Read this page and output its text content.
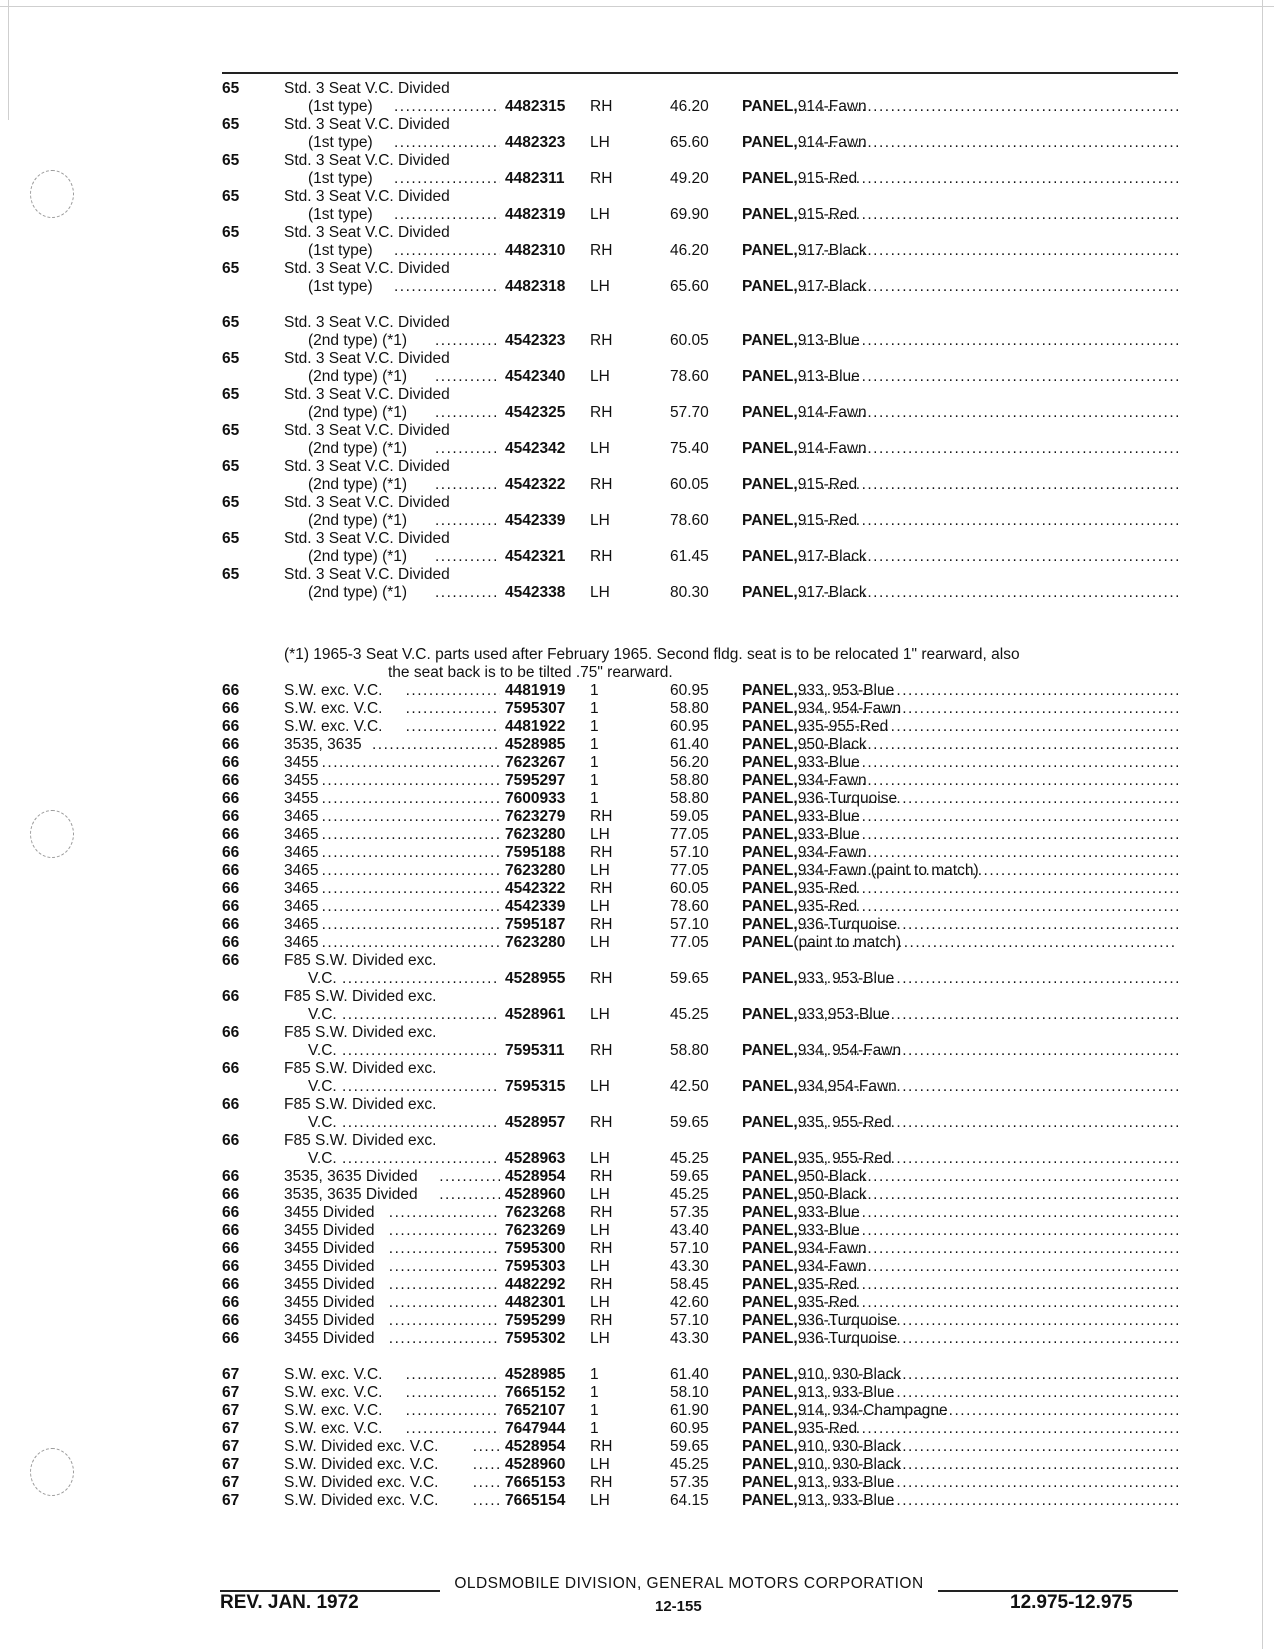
65	Std. 3 Seat V.C. Divided
(1st type) .....	4482315 RH	46.20 PANEL, 914-Fawn
.....
65	Std. 3 Seat V.C. Divided
(1st type) .....	4482323 LH	65.60 PANEL, 914-Fawn
.....
65	Std. 3 Seat V.C. Divided
(1st type) .....	4482311 RH	49.20 PANEL, 915-Red
.....
65	Std. 3 Seat V.C. Divided
(1st type) .....	4482319 LH	69.90 PANEL, 915-Red
.....
65	Std. 3 Seat V.C. Divided
(1st type) .....	4482310 RH	46.20 PANEL, 917-Black
.....
65	Std. 3 Seat V.C. Divided
(1st type) .....	4482318 LH	65.60 PANEL, 917-Black
.....
65	Std. 3 Seat V.C. Divided
(2nd type) (*1) .....	4542323 RH	60.05 PANEL, 913-Blue
.....
65	Std. 3 Seat V.C. Divided
(2nd type) (*1) .....	4542340 LH	78.60 PANEL, 913-Blue
.....
65	Std. 3 Seat V.C. Divided
(2nd type) (*1) .....	4542325 RH	57.70 PANEL, 914-Fawn
.....
65	Std. 3 Seat V.C. Divided
(2nd type) (*1) .....	4542342 LH	75.40 PANEL, 914-Fawn
.....
65	Std. 3 Seat V.C. Divided
(2nd type) (*1) .....	4542322 RH	60.05 PANEL, 915-Red
.....
65	Std. 3 Seat V.C. Divided
(2nd type) (*1) .....	4542339 LH	78.60 PANEL, 915-Red
.....
65	Std. 3 Seat V.C. Divided
(2nd type) (*1) .....	4542321 RH	61.45 PANEL, 917-Black
.....
65	Std. 3 Seat V.C. Divided
(2nd type) (*1) .....	4542338 LH	80.30 PANEL, 917-Black
.....
66	S.W. exc. V.C. .....	4481919 1	60.95 PANEL, 933, 953-Blue
.....
66	S.W. exc. V.C. .....	7595307 1	58.80 PANEL, 934, 954-Fawn
.....
66	S.W. exc. V.C. .....	4481922 1	60.95 PANEL, 935-955-Red
.....
66	3535, 3635 .....	4528985 1	61.40 PANEL, 950-Black
.....
66	3455 .....	7623267 1	56.20 PANEL, 933-Blue
.....
66	3455 .....	7595297 1	58.80 PANEL, 934-Fawn
.....
66	3455 .....	7600933 1	58.80 PANEL, 936-Turquoise
.....
66	3465 .....	7623279 RH	59.05 PANEL, 933-Blue
.....
66	3465 .....	7623280 LH	77.05 PANEL, 933-Blue
.....
66	3465 .....	7595188 RH	57.10 PANEL, 934-Fawn
.....
66	3465 .....	7623280 LH	77.05 PANEL, 934-Fawn (paint to match)
.....
66	3465 .....	4542322 RH	60.05 PANEL, 935-Red
.....
66	3465 .....	4542339 LH	78.60 PANEL, 935-Red
.....
66	3465 .....	7595187 RH	57.10 PANEL, 936-Turquoise
.....
66	3465 .....	7623280 LH	77.05 PANEL (paint to match)
.....
66	F85 S.W. Divided exc.
V.C. .....	4528955 RH	59.65 PANEL, 933, 953-Blue
.....
66	F85 S.W. Divided exc.
V.C. .....	4528961 LH	45.25 PANEL, 933,953-Blue
.....
66	F85 S.W. Divided exc.
V.C. .....	7595311 RH	58.80 PANEL, 934, 954-Fawn
.....
66	F85 S.W. Divided exc.
V.C. .....	7595315 LH	42.50 PANEL, 934,954-Fawn
.....
66	F85 S.W. Divided exc.
V.C. .....	4528957 RH	59.65 PANEL, 935, 955-Red
.....
66	F85 S.W. Divided exc.
V.C. .....	4528963 LH	45.25 PANEL, 935, 955-Red
.....
66	3535, 3635 Divided .....	4528954 RH	59.65 PANEL, 950-Black
.....
66	3535, 3635 Divided .....	4528960 LH	45.25 PANEL, 950-Black
.....
66	3455 Divided .....	7623268 RH	57.35 PANEL, 933-Blue
.....
66	3455 Divided .....	7623269 LH	43.40 PANEL, 933-Blue
.....
66	3455 Divided .....	7595300 RH	57.10 PANEL, 934-Fawn
.....
66	3455 Divided .....	7595303 LH	43.30 PANEL, 934-Fawn
.....
66	3455 Divided .....	4482292 RH	58.45 PANEL, 935-Red
.....
66	3455 Divided .....	4482301 LH	42.60 PANEL, 935-Red
.....
66	3455 Divided .....	7595299 RH	57.10 PANEL, 936-Turquoise
.....
66	3455 Divided .....	7595302 LH	43.30 PANEL, 936-Turquoise
.....
67	S.W. exc. V.C. .....	4528985 1	61.40 PANEL, 910, 930-Black
.....
67	S.W. exc. V.C. .....	7665152 1	58.10 PANEL, 913, 933-Blue
.....
67	S.W. exc. V.C. .....	7652107 1	61.90 PANEL, 914, 934-Champagne
.....
67	S.W. exc. V.C. .....	7647944 1	60.95 PANEL, 935-Red
.....
67	S.W. Divided exc. V.C. .....	4528954 RH	59.65 PANEL, 910, 930-Black
.....
67	S.W. Divided exc. V.C. .....	4528960 LH	45.25 PANEL, 910, 930-Black
.....
67	S.W. Divided exc. V.C. .....	7665153 RH	57.35 PANEL, 913, 933-Blue
.....
67	S.W. Divided exc. V.C. .....	7665154 LH	64.15 PANEL, 913, 933-Blue
.....
(*1) 1965-3 Seat V.C. parts used after February 1965. Second fldg. seat is to be relocated 1" rearward, also
the seat back is to be tilted .75" rearward.
OLDSMOBILE DIVISION, GENERAL MOTORS CORPORATION
REV. JAN. 1972	12-155	12.975-12.975
